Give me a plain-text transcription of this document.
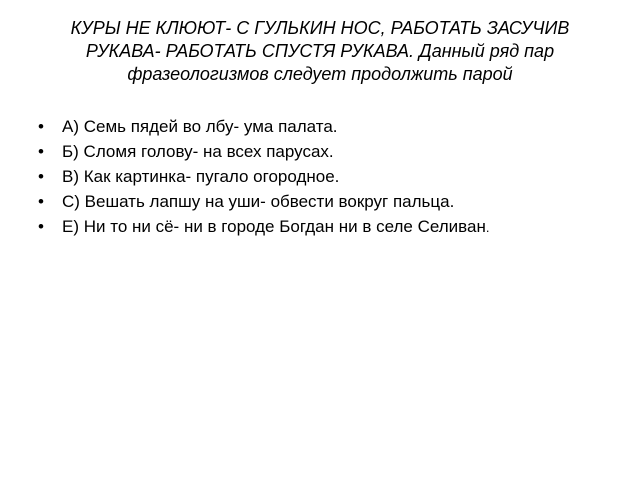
КУРЫ НЕ КЛЮЮТ- С ГУЛЬКИН НОС, РАБОТАТЬ ЗАСУЧИВ
РУКАВА- РАБОТАТЬ СПУСТЯ РУКАВА. Данный ряд пар
фразеологизмов следует продолжить парой
• А) Семь пядей во лбу- ума палата.
• Б) Сломя голову- на всех парусах.
• В) Как картинка- пугало огородное.
• С) Вешать лапшу на уши- обвести вокруг пальца.
• Е) Ни то ни сё- ни в городе Богдан ни в селе Селиван.
